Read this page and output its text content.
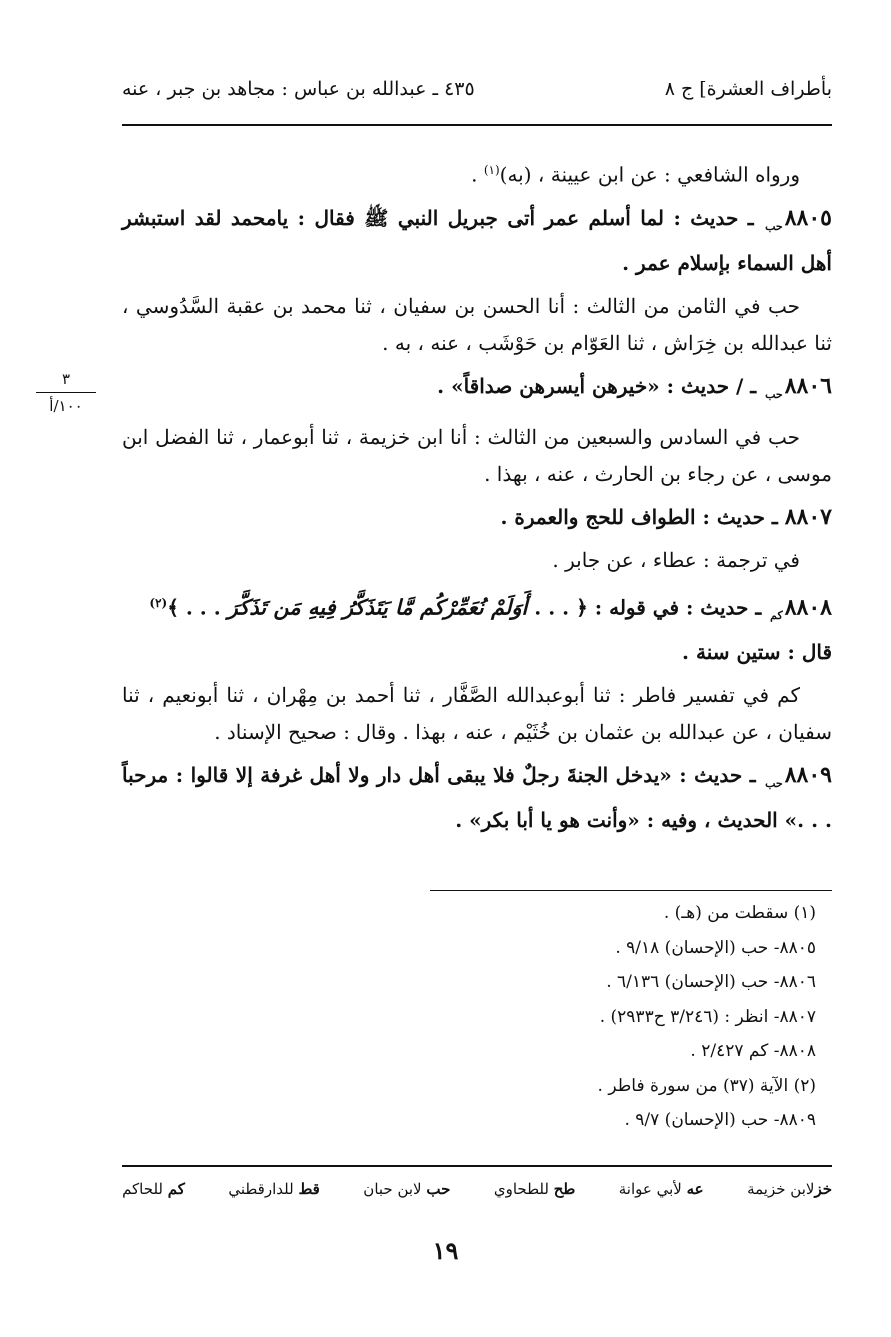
بأطراف العشرة] ج ٨
٤٣٥ ـ عبدالله بن عباس : مجاهد بن جبر ، عنه
٣
١٠٠/أ

ورواه الشافعي : عن ابن عيينة ، (به)$^{(١)}$ .

$٨٨٠٥_{حب}$ ـ حديث : لما أسلم عمر أتى جبريل النبي ﷺ فقال : يامحمد لقد استبشر أهل السماء بإسلام عمر .

حب في الثامن من الثالث : أنا الحسن بن سفيان ، ثنا محمد بن عقبة السَّدُوسي ، ثنا عبدالله بن خِرَاش ، ثنا العَوّام بن حَوْشَب ، عنه ، به .

$٨٨٠٦_{حب}$ ـ / حديث : «خيرهن أيسرهن صداقاً» .

حب في السادس والسبعين من الثالث : أنا ابن خزيمة ، ثنا أبوعمار ، ثنا الفضل ابن موسى ، عن رجاء بن الحارث ، عنه ، بهذا .

٨٨٠٧ ـ حديث : الطواف للحج والعمرة .

في ترجمة : عطاء ، عن جابر .

$٨٨٠٨_{كم}$ ـ حديث : في قوله : ﴿ . . . أَوَلَمْ نُعَمِّرْكُم مَّا يَتَذَكَّرُ فِيهِ مَن تَذَكَّرَ . . . ﴾$^{(٢)}$
قال : ستين سنة .

كم في تفسير فاطر : ثنا أبوعبدالله الصَّفَّار ، ثنا أحمد بن مِهْران ، ثنا أبونعيم ، ثنا سفيان ، عن عبدالله بن عثمان بن خُثَيْم ، عنه ، بهذا . وقال : صحيح الإسناد .

$٨٨٠٩_{حب}$ ـ حديث : «يدخل الجنةَ رجلٌ فلا يبقى أهل دار ولا أهل غرفة إلا قالوا : مرحباً . . .» الحديث ، وفيه : «وأنت هو يا أبا بكر» .

(١) سقطت من (هـ) .
٨٨٠٥- حب (الإحسان) ٩/١٨ .
٨٨٠٦- حب (الإحسان) ٦/١٣٦ .
٨٨٠٧- انظر : (٣/٢٤٦ ح٢٩٣٣) .
٨٨٠٨- كم ٢/٤٢٧ .
(٢) الآية (٣٧) من سورة فاطر .
٨٨٠٩- حب (الإحسان) ٩/٧ .
خزلابن خزيمة
عه لأبي عوانة
طح للطحاوي
حب لابن حبان
قط للدارقطني
كم للحاكم
١٩
